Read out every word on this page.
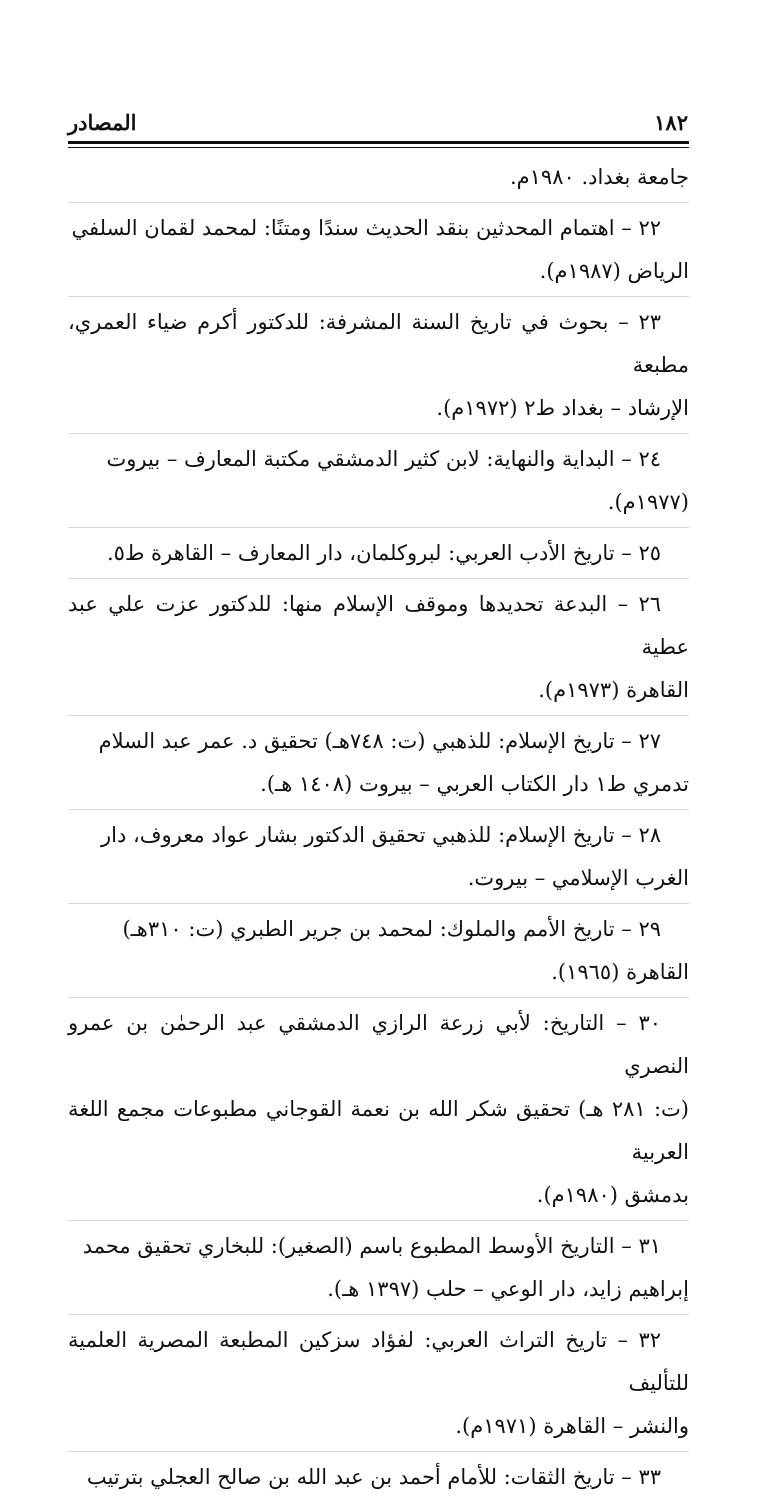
١٨٢
المصادر

جامعة بغداد. ١٩٨٠م.

٢٢ – اهتمام المحدثين بنقد الحديث سندًا ومتنًا: لمحمد لقمان السلفي

الرياض (١٩٨٧م).

٢٣ – بحوث في تاريخ السنة المشرفة: للدكتور أكرم ضياء العمري، مطبعة

الإرشاد – بغداد ط٢ (١٩٧٢م).

٢٤ – البداية والنهاية: لابن كثير الدمشقي مكتبة المعارف – بيروت

(١٩٧٧م).

٢٥ – تاريخ الأدب العربي: لبروكلمان، دار المعارف – القاهرة ط٥.

٢٦ – البدعة تحديدها وموقف الإسلام منها: للدكتور عزت علي عبد عطية

القاهرة (١٩٧٣م).

٢٧ – تاريخ الإسلام: للذهبي (ت: ٧٤٨هـ) تحقيق د. عمر عبد السلام

تدمري ط١ دار الكتاب العربي – بيروت (١٤٠٨ هـ).

٢٨ – تاريخ الإسلام: للذهبي تحقيق الدكتور بشار عواد معروف، دار

الغرب الإسلامي – بيروت.

٢٩ – تاريخ الأمم والملوك: لمحمد بن جرير الطبري (ت: ٣١٠هـ)

القاهرة (١٩٦٥).

٣٠ – التاريخ: لأبي زرعة الرازي الدمشقي عبد الرحمٰن بن عمرو النصري

(ت: ٢٨١ هـ) تحقيق شكر الله بن نعمة القوجاني مطبوعات مجمع اللغة العربية

بدمشق (١٩٨٠م).

٣١ – التاريخ الأوسط المطبوع باسم (الصغير): للبخاري تحقيق محمد

إبراهيم زايد، دار الوعي – حلب (١٣٩٧ هـ).

٣٢ – تاريخ التراث العربي: لفؤاد سزكين المطبعة المصرية العلمية للتأليف

والنشر – القاهرة (١٩٧١م).

٣٣ – تاريخ الثقات: للأمام أحمد بن عبد الله بن صالح العجلي بترتيب
